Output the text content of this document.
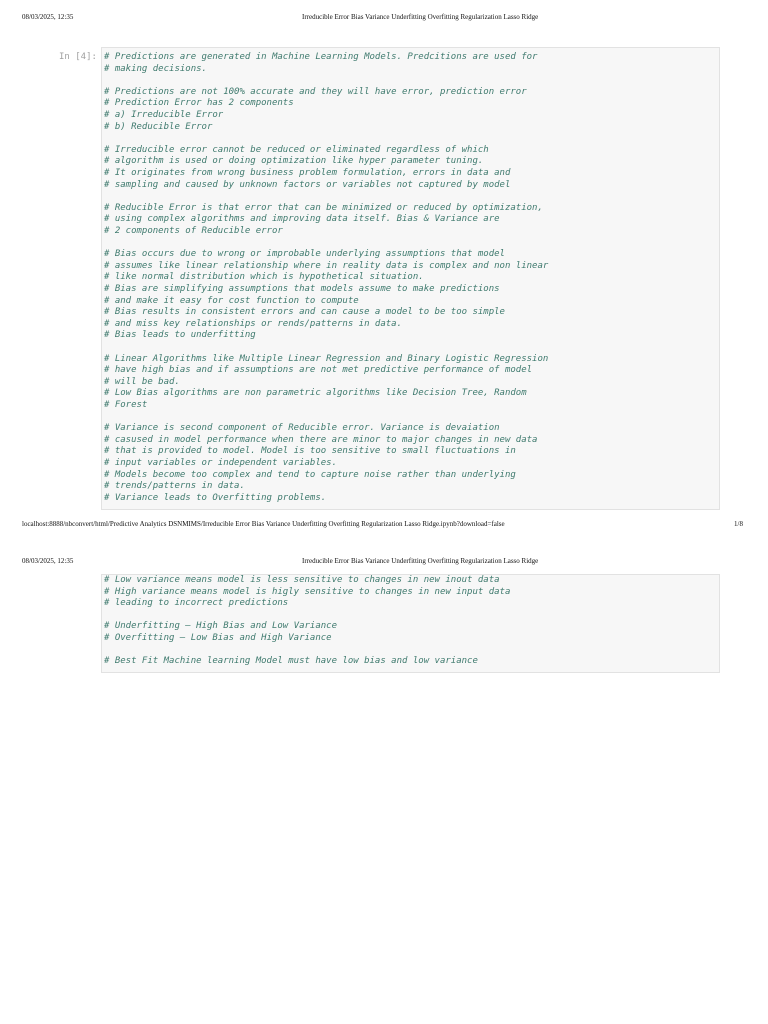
08/03/2025, 12:35	Irreducible Error Bias Variance Underfitting Overfitting Regularization Lasso Ridge
In [4]: # Predictions are generated in Machine Learning Models. Predcitions are used for
# making decisions.
# Predictions are not 100% accurate and they will have error, prediction error
# Prediction Error has 2 components
# a) Irreducible Error
# b) Reducible Error
# Irreducible error cannot be reduced or eliminated regardless of which
# algorithm is used or doing optimization like hyper parameter tuning.
# It originates from wrong business problem formulation, errors in data and
# sampling and caused by unknown factors or variables not captured by model
# Reducible Error is that error that can be minimized or reduced by optimization,
# using complex algorithms and improving data itself. Bias & Variance are
# 2 components of Reducible error
# Bias occurs due to wrong or improbable underlying assumptions that model
# assumes like linear relationship where in reality data is complex and non linear
# like normal distribution which is hypothetical situation.
# Bias are simplifying assumptions that models assume to make predictions
# and make it easy for cost function to compute
# Bias results in consistent errors and can cause a model to be too simple
# and miss key relationships or rends/patterns in data.
# Bias leads to underfitting
# Linear Algorithms like Multiple Linear Regression and Binary Logistic Regression
# have high bias and if assumptions are not met predictive performance of model
# will be bad.
# Low Bias algorithms are non parametric algorithms like Decision Tree, Random
# Forest
# Variance is second component of Reducible error. Variance is devaiation
# casused in model performance when there are minor to major changes in new data
# that is provided to model. Model is too sensitive to small fluctuations in
# input variables or independent variables.
# Models become too complex and tend to capture noise rather than underlying
# trends/patterns in data.
# Variance leads to Overfitting problems.
localhost:8888/nbconvert/html/Predictive Analytics DSNMIMS/Irreducible Error Bias Variance Underfitting Overfitting Regularization Lasso Ridge.ipynb?download=false	1/8
08/03/2025, 12:35	Irreducible Error Bias Variance Underfitting Overfitting Regularization Lasso Ridge
# Low variance means model is less sensitive to changes in new inout data
# High variance means model is higly sensitive to changes in new input data
# leading to incorrect predictions
# Underfitting – High Bias and Low Variance
# Overfitting – Low Bias and High Variance
# Best Fit Machine learning Model must have low bias and low variance
